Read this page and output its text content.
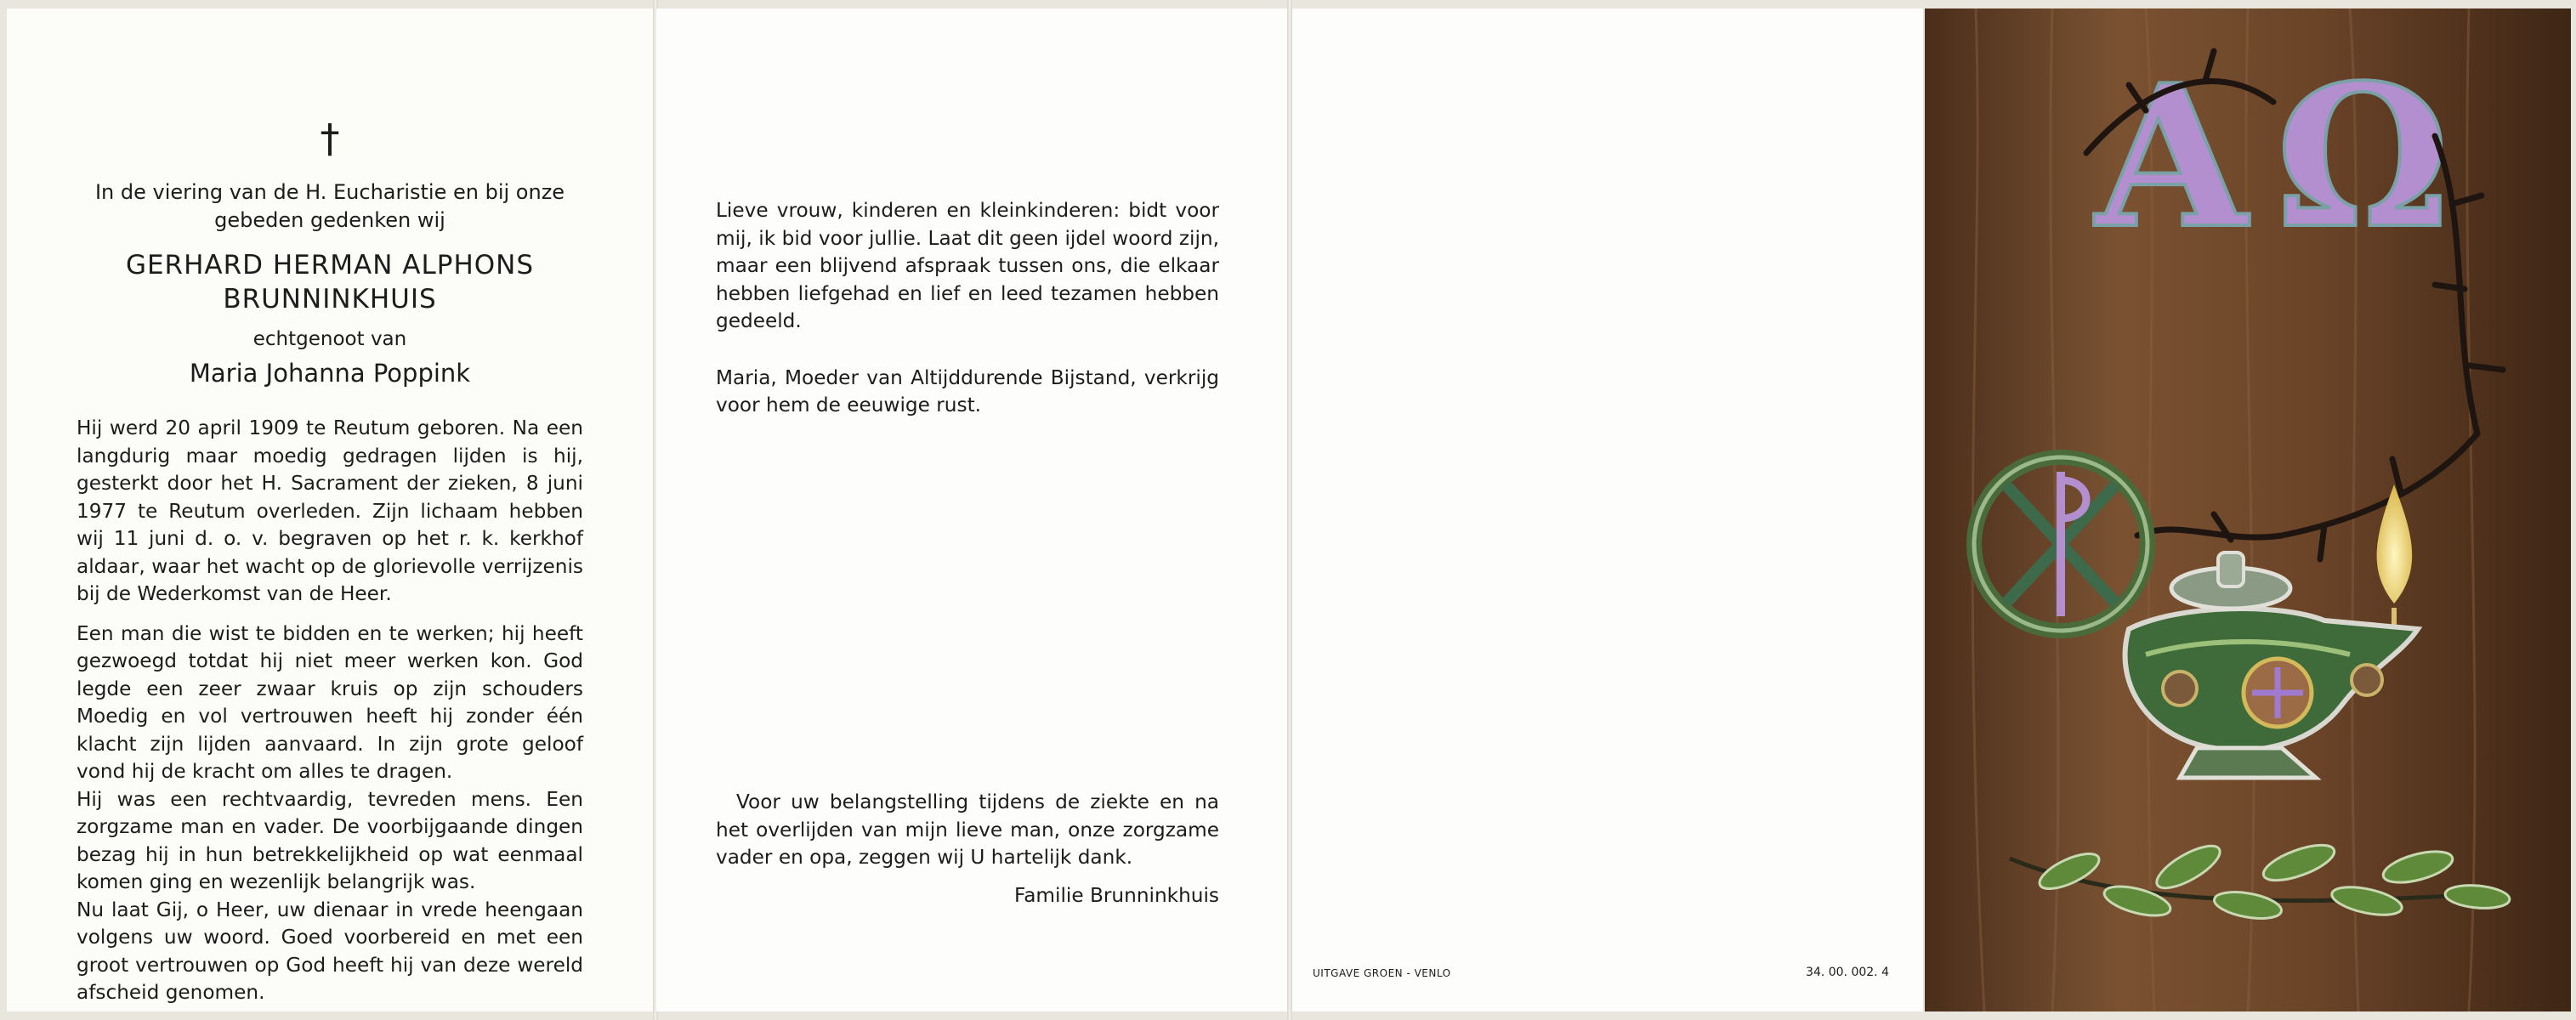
†
In de viering van de H. Eucharistie en bij onze gebeden gedenken wij
GERHARD HERMAN ALPHONS
BRUNNINKHUIS
echtgenoot van
Maria Johanna Poppink

Hij werd 20 april 1909 te Reutum geboren. Na een langdurig maar moedig gedragen lijden is hij, gesterkt door het H. Sacrament der zieken, 8 juni 1977 te Reutum overleden. Zijn lichaam hebben wij 11 juni d. o. v. begraven op het r. k. kerkhof aldaar, waar het wacht op de glorievolle verrijzenis bij de Wederkomst van de Heer.

Een man die wist te bidden en te werken; hij heeft gezwoegd totdat hij niet meer werken kon. God legde een zeer zwaar kruis op zijn schouders Moedig en vol vertrouwen heeft hij zonder één klacht zijn lijden aanvaard. In zijn grote geloof vond hij de kracht om alles te dragen.

Hij was een rechtvaardig, tevreden mens. Een zorgzame man en vader. De voorbijgaande dingen bezag hij in hun betrekkelijkheid op wat eenmaal komen ging en wezenlijk belangrijk was.

Nu laat Gij, o Heer, uw dienaar in vrede heengaan volgens uw woord. Goed voorbereid en met een groot vertrouwen op God heeft hij van deze wereld afscheid genomen.

Lieve vrouw, kinderen en kleinkinderen: bidt voor mij, ik bid voor jullie. Laat dit geen ijdel woord zijn, maar een blijvend afspraak tussen ons, die elkaar hebben liefgehad en lief en leed tezamen hebben gedeeld.

Maria, Moeder van Altijddurende Bijstand, verkrijg voor hem de eeuwige rust.

Voor uw belangstelling tijdens de ziekte en na het overlijden van mijn lieve man, onze zorgzame vader en opa, zeggen wij U hartelijk dank.

Familie Brunninkhuis
UITGAVE GROEN - VENLO	34. 00. 002. 4
A Ω
